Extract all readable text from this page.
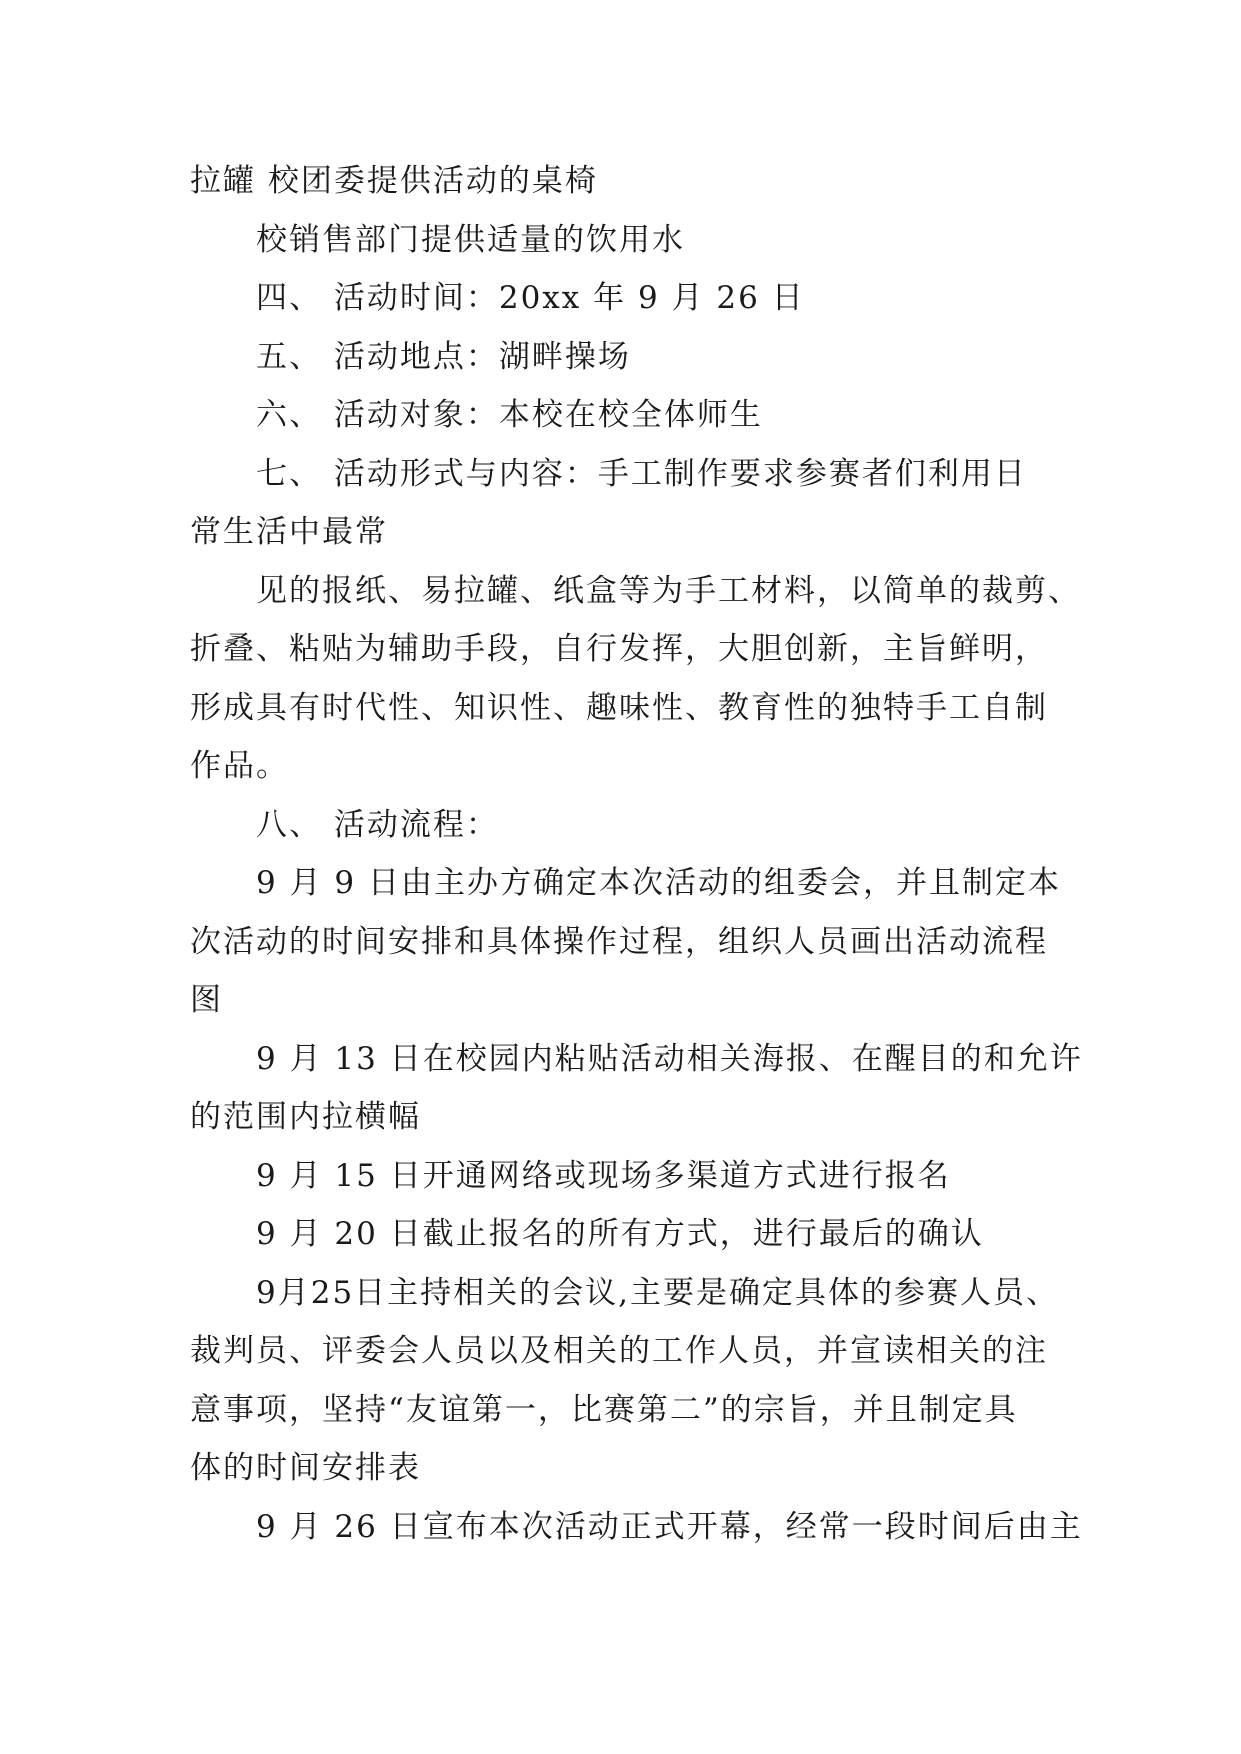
拉罐 校团委提供活动的桌椅
校销售部门提供适量的饮用水
四、 活动时间：20xx 年 9 月 26 日
五、 活动地点：湖畔操场
六、 活动对象：本校在校全体师生
七、 活动形式与内容：手工制作要求参赛者们利用日
常生活中最常
见的报纸、易拉罐、纸盒等为手工材料，以简单的裁剪、
折叠、粘贴为辅助手段，自行发挥，大胆创新，主旨鲜明，
形成具有时代性、知识性、趣味性、教育性的独特手工自制
作品。
八、 活动流程：
9 月 9 日由主办方确定本次活动的组委会，并且制定本
次活动的时间安排和具体操作过程，组织人员画出活动流程
图
9 月 13 日在校园内粘贴活动相关海报、在醒目的和允许
的范围内拉横幅
9 月 15 日开通网络或现场多渠道方式进行报名
9 月 20 日截止报名的所有方式，进行最后的确认
9月25日主持相关的会议,主要是确定具体的参赛人员、
裁判员、评委会人员以及相关的工作人员，并宣读相关的注
意事项，坚持“友谊第一，比赛第二”的宗旨，并且制定具
体的时间安排表
9 月 26 日宣布本次活动正式开幕，经常一段时间后由主
